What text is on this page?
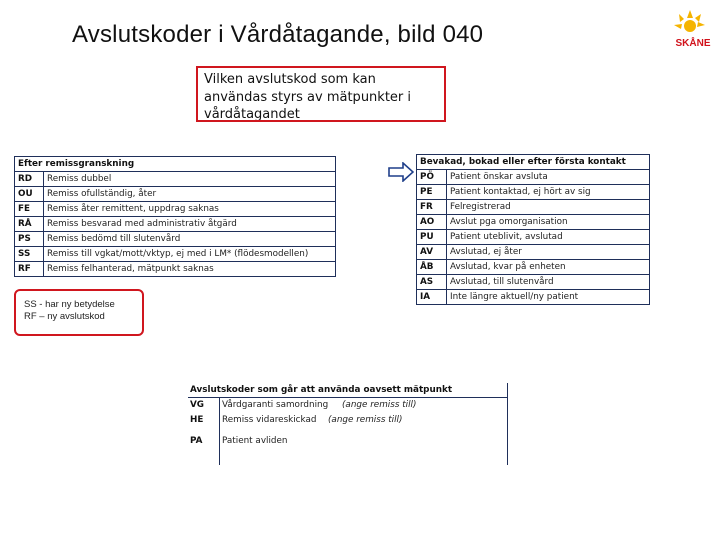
Avslutskoder i Vårdåtagande, bild 040	SKÅNE
Vilken avslutskod som kan användas styrs av mätpunkter i vårdåtagandet
Efter remissgranskning	
RD	Remiss dubbel
OU	Remiss ofullständig, åter
FE	Remiss åter remittent, uppdrag saknas
RÅ	Remiss besvarad med administrativ åtgärd
PS	Remiss bedömd till slutenvård
SS	Remiss till vgkat/mott/vktyp, ej med i LM* (flödesmodellen)
RF	Remiss felhanterad, mätpunkt saknas
SS - har ny betydelse
RF – ny avslutskod
Bevakad, bokad eller efter första kontakt	
PÖ	Patient önskar avsluta
PE	Patient kontaktad, ej hört av sig
FR	Felregistrerad
AO	Avslut pga omorganisation
PU	Patient uteblivit, avslutad
AV	Avslutad, ej åter
ÅB	Avslutad, kvar på enheten
AS	Avslutad, till slutenvård
IA	Inte längre aktuell/ny patient
Avslutskoder som går att använda oavsett mätpunkt
VG Vårdgaranti samordning (ange remiss till)
HE Remiss vidareskickad (ange remiss till)
PA Patient avliden
